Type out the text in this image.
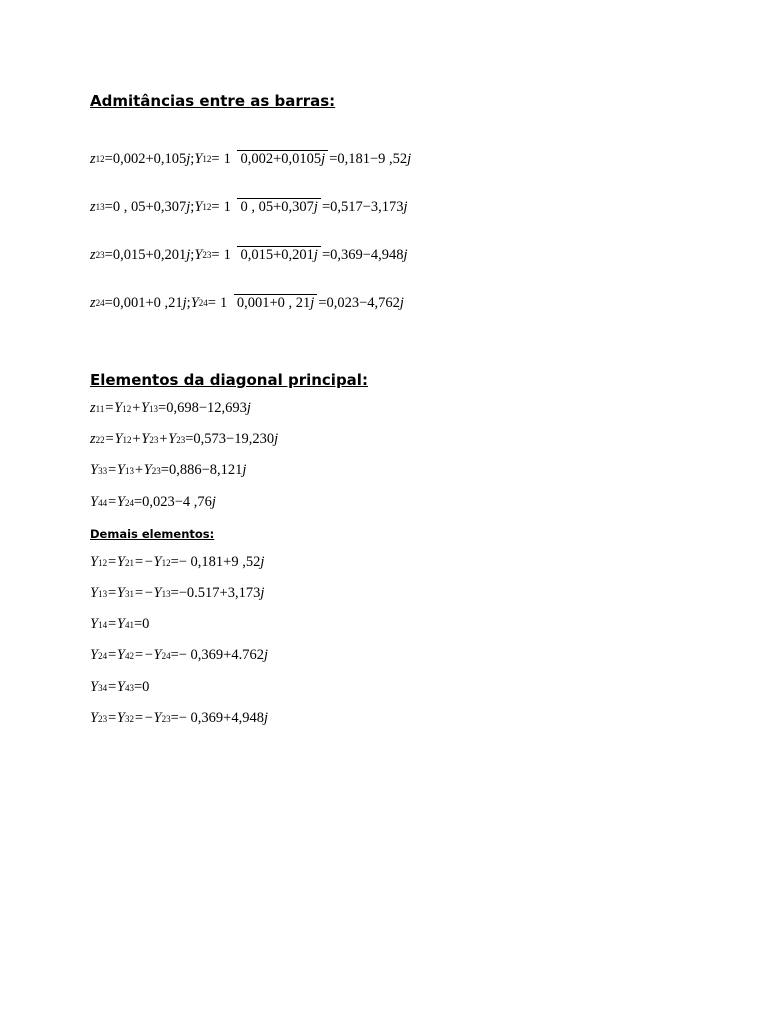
Admitâncias entre as barras:
z 12 =0,002+0,105 j ; Y 12 = 1 0,002+0,0105j =0,181−9 ,52 j
z 13 =0 , 05+0,307 j ; Y 12 = 1 0 , 05+0,307j =0,517−3,173 j
z 23 =0,015+0,201 j ; Y 23 = 1 0,015+0,201j =0,369−4,948 j
z 24 =0,001+0 ,21 j ; Y 24 = 1 0,001+0 , 21j =0,023−4,762 j
Elementos da diagonal principal:
z 11 =Y 12 +Y 13 =0,698−12,693 j
z 22 =Y 12 +Y 23 +Y 23 =0,573−19,230 j
Y 33 =Y 13 +Y 23 =0,886−8,121 j
Y 44 =Y 24 =0,023−4 ,76 j
Demais elementos:
Y 12 =Y 21 =−Y 12 =− 0,181+9 ,52 j
Y 13 =Y 31 =−Y 13 =−0.517+3,173 j
Y 14 =Y 41 =0
Y 24 =Y 42 =−Y 24 =− 0,369+4.762 j
Y 34 =Y 43 =0
Y 23 =Y 32 =−Y 23 =− 0,369+4,948 j
